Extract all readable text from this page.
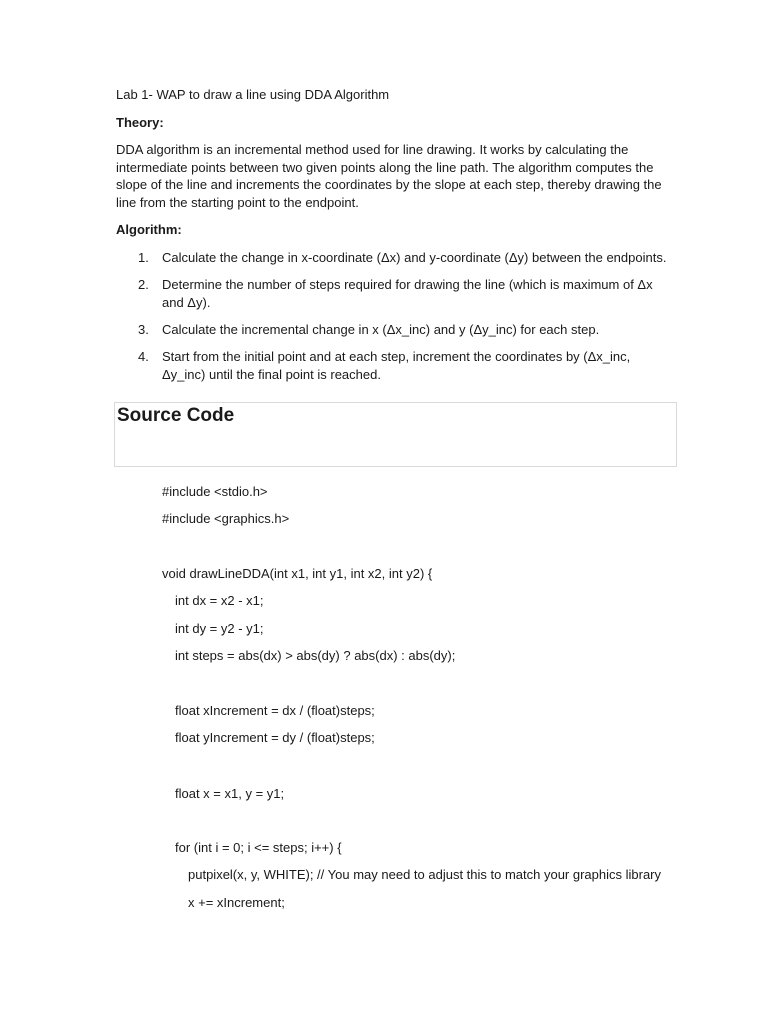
Lab 1- WAP to draw a line using DDA Algorithm
Theory:
DDA algorithm is an incremental method used for line drawing. It works by calculating the intermediate points between two given points along the line path. The algorithm computes the slope of the line and increments the coordinates by the slope at each step, thereby drawing the line from the starting point to the endpoint.
Algorithm:
1.	Calculate the change in x-coordinate (Δx) and y-coordinate (Δy) between the endpoints.
2.	Determine the number of steps required for drawing the line (which is maximum of Δx and Δy).
3.	Calculate the incremental change in x (Δx_inc) and y (Δy_inc) for each step.
4.	Start from the initial point and at each step, increment the coordinates by (Δx_inc, Δy_inc) until the final point is reached.
Source Code
#include <stdio.h>
#include <graphics.h>
void drawLineDDA(int x1, int y1, int x2, int y2) {
int dx = x2 - x1;
int dy = y2 - y1;
int steps = abs(dx) > abs(dy) ? abs(dx) : abs(dy);
float xIncrement = dx / (float)steps;
float yIncrement = dy / (float)steps;
float x = x1, y = y1;
for (int i = 0; i <= steps; i++) {
putpixel(x, y, WHITE); // You may need to adjust this to match your graphics library
x += xIncrement;
